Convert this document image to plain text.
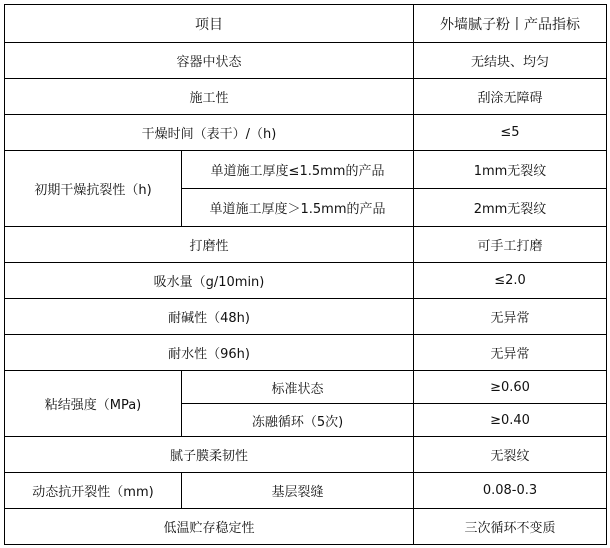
项目		外墙腻子粉丨产品指标
容器中状态		无结块、均匀
施工性		刮涂无障碍
干燥时间（表干）/（h)		≤5
初期干燥抗裂性（h)	单道施工厚度≤1.5mm的产品	1mm无裂纹
	单道施工厚度＞1.5mm的产品	2mm无裂纹
打磨性		可手工打磨
吸水量（g/10min)		≤2.0
耐碱性（48h)		无异常
耐水性（96h)		无异常
粘结强度（MPa)	标准状态	≥0.60
	冻融循环（5次)	≥0.40
腻子膜柔韧性		无裂纹
动态抗开裂性（mm)	基层裂缝	0.08-0.3
低温贮存稳定性		三次循环不变质
